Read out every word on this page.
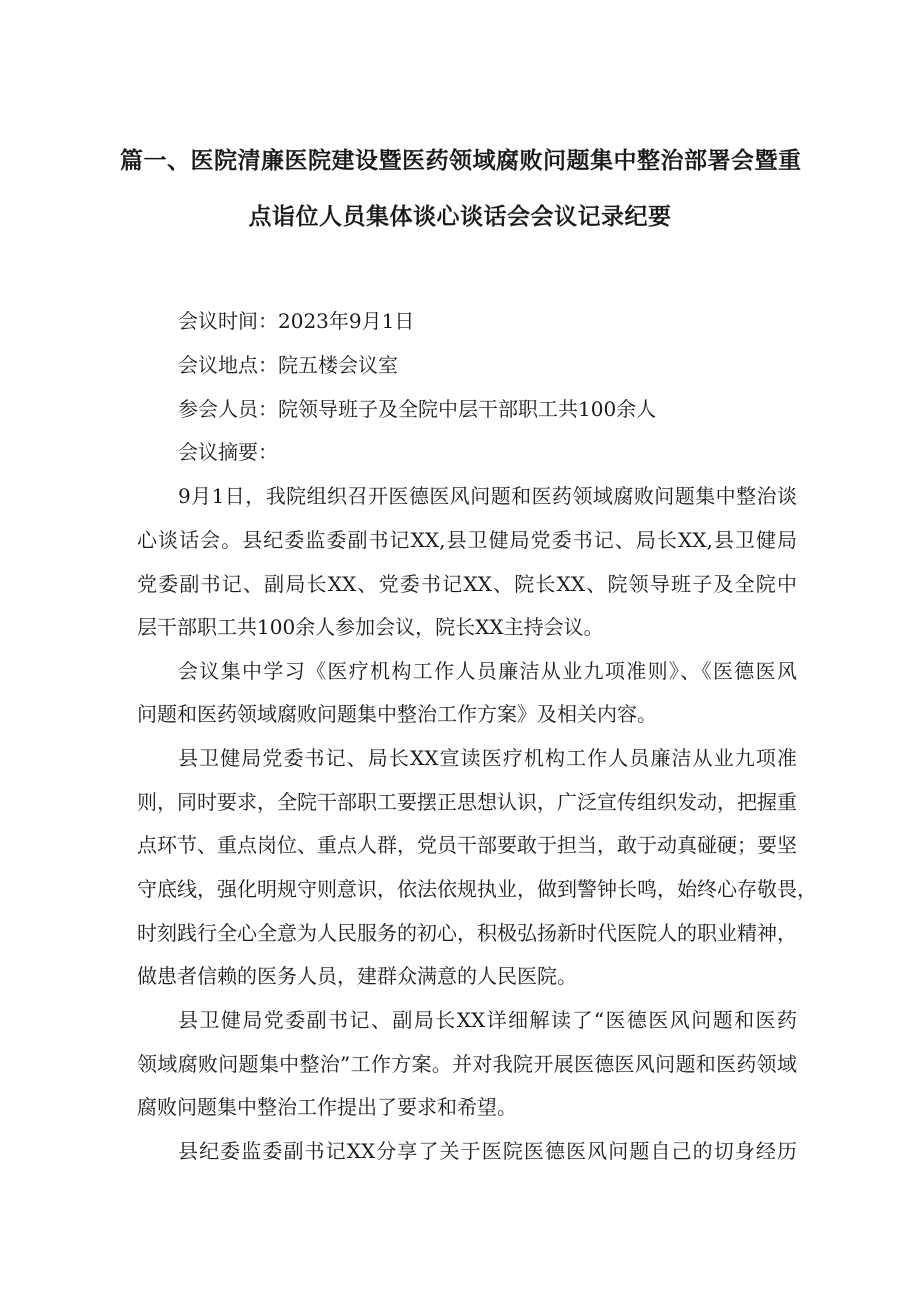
篇一、医院清廉医院建设暨医药领域腐败问题集中整治部署会暨重
点诣位人员集体谈心谈话会会议记录纪要
会议时间：2023年9月1日
会议地点：院五楼会议室
参会人员：院领导班子及全院中层干部职工共100余人
会议摘要：
9月1日，我院组织召开医德医风问题和医药领域腐败问题集中整治谈
心谈话会。县纪委监委副书记XX,县卫健局党委书记、局长XX,县卫健局
党委副书记、副局长XX、党委书记XX、院长XX、院领导班子及全院中
层干部职工共100余人参加会议，院长XX主持会议。
会议集中学习《医疗机构工作人员廉洁从业九项准则》、《医德医风
问题和医药领域腐败问题集中整治工作方案》及相关内容。
县卫健局党委书记、局长XX宣读医疗机构工作人员廉洁从业九项准
则，同时要求，全院干部职工要摆正思想认识，广泛宣传组织发动，把握重
点环节、重点岗位、重点人群，党员干部要敢于担当，敢于动真碰硬；要坚
守底线，强化明规守则意识，依法依规执业，做到警钟长鸣，始终心存敬畏，
时刻践行全心全意为人民服务的初心，积极弘扬新时代医院人的职业精神，
做患者信赖的医务人员，建群众满意的人民医院。
县卫健局党委副书记、副局长XX详细解读了“医德医风问题和医药
领域腐败问题集中整治”工作方案。并对我院开展医德医风问题和医药领域
腐败问题集中整治工作提出了要求和希望。
县纪委监委副书记XX分享了关于医院医德医风问题自己的切身经历
